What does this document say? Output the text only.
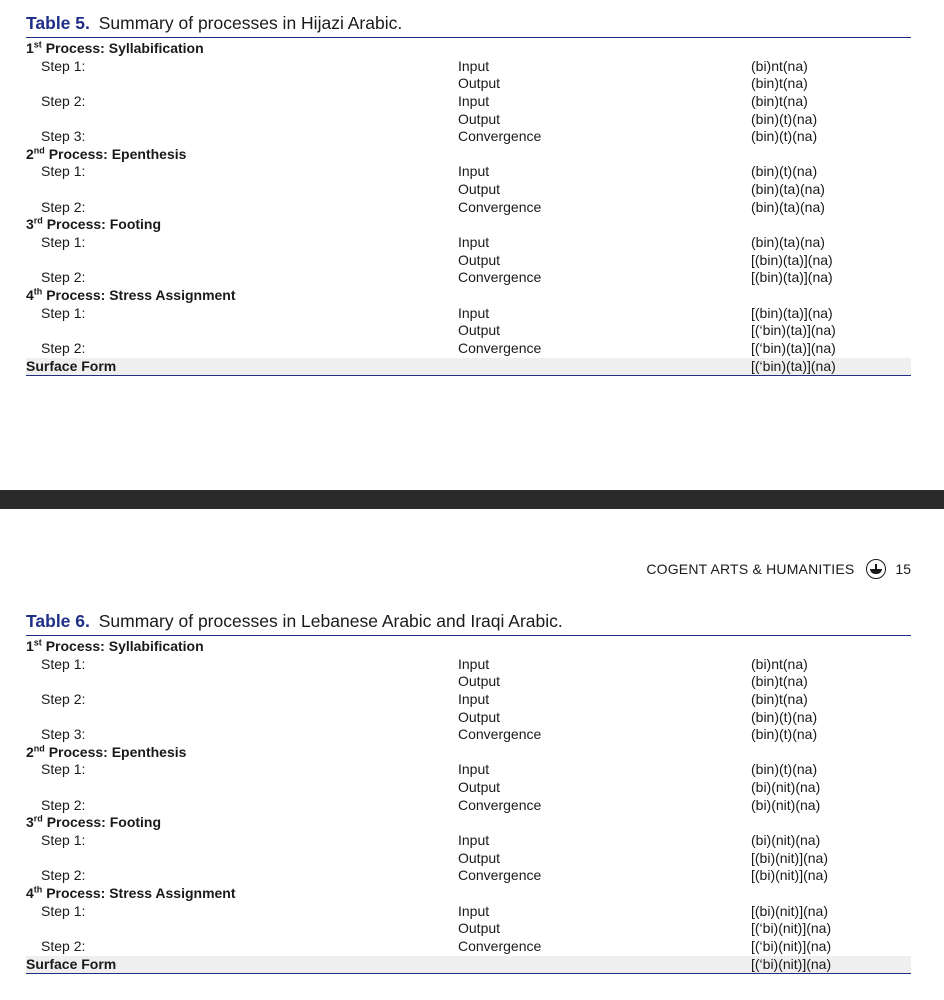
Table 5. Summary of processes in Hijazi Arabic.
1st Process: Syllabification
Step 1:	Input	(bi)nt(na)
Output	(bin)t(na)
Step 2:	Input	(bin)t(na)
Output	(bin)(t)(na)
Step 3:	Convergence	(bin)(t)(na)
2nd Process: Epenthesis
Step 1:	Input	(bin)(t)(na)
Output	(bin)(ta)(na)
Step 2:	Convergence	(bin)(ta)(na)
3rd Process: Footing
Step 1:	Input	(bin)(ta)(na)
Output	[(bin)(ta)](na)
Step 2:	Convergence	[(bin)(ta)](na)
4th Process: Stress Assignment
Step 1:	Input	[(bin)(ta)](na)
Output	[(‘bin)(ta)](na)
Step 2:	Convergence	[(‘bin)(ta)](na)
Surface Form	[(‘bin)(ta)](na)
COGENT ARTS & HUMANITIES	15
Table 6. Summary of processes in Lebanese Arabic and Iraqi Arabic.
1st Process: Syllabification
Step 1:	Input	(bi)nt(na)
Output	(bin)t(na)
Step 2:	Input	(bin)t(na)
Output	(bin)(t)(na)
Step 3:	Convergence	(bin)(t)(na)
2nd Process: Epenthesis
Step 1:	Input	(bin)(t)(na)
Output	(bi)(nit)(na)
Step 2:	Convergence	(bi)(nit)(na)
3rd Process: Footing
Step 1:	Input	(bi)(nit)(na)
Output	[(bi)(nit)](na)
Step 2:	Convergence	[(bi)(nit)](na)
4th Process: Stress Assignment
Step 1:	Input	[(bi)(nit)](na)
Output	[(‘bi)(nit)](na)
Step 2:	Convergence	[(‘bi)(nit)](na)
Surface Form	[(‘bi)(nit)](na)
